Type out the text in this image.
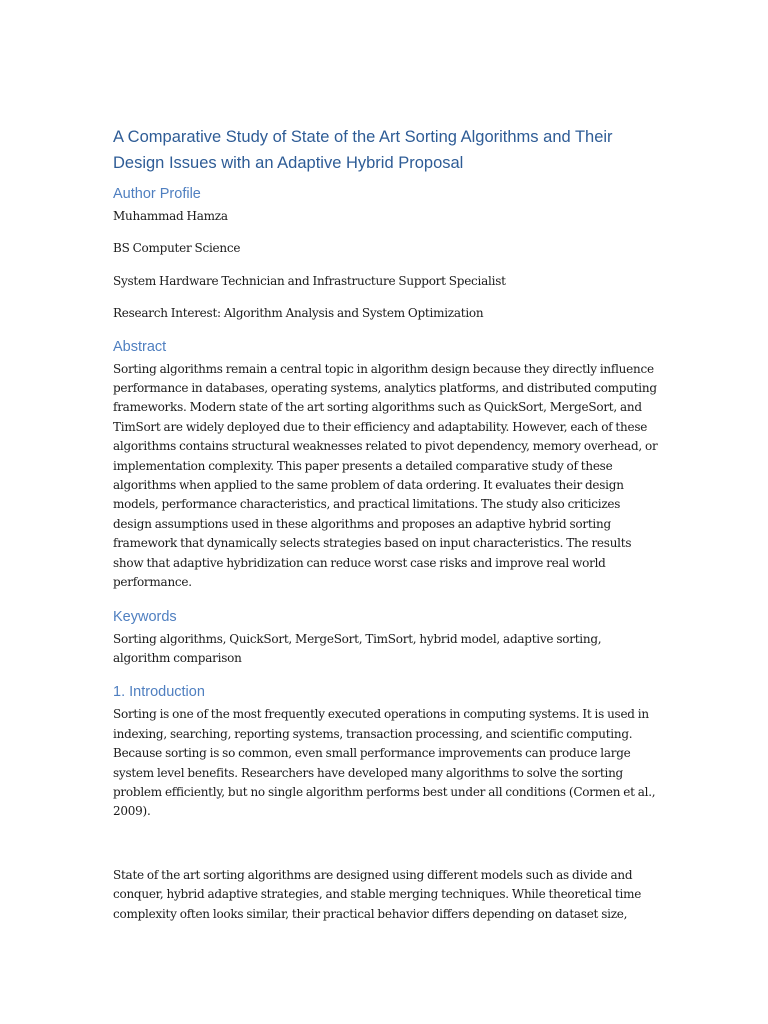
A Comparative Study of State of the Art Sorting Algorithms and Their Design Issues with an Adaptive Hybrid Proposal
Author Profile

Muhammad Hamza

BS Computer Science

System Hardware Technician and Infrastructure Support Specialist

Research Interest: Algorithm Analysis and System Optimization

Abstract

Sorting algorithms remain a central topic in algorithm design because they directly influence performance in databases, operating systems, analytics platforms, and distributed computing frameworks. Modern state of the art sorting algorithms such as QuickSort, MergeSort, and TimSort are widely deployed due to their efficiency and adaptability. However, each of these algorithms contains structural weaknesses related to pivot dependency, memory overhead, or implementation complexity. This paper presents a detailed comparative study of these algorithms when applied to the same problem of data ordering. It evaluates their design models, performance characteristics, and practical limitations. The study also criticizes design assumptions used in these algorithms and proposes an adaptive hybrid sorting framework that dynamically selects strategies based on input characteristics. The results show that adaptive hybridization can reduce worst case risks and improve real world performance.

Keywords

Sorting algorithms, QuickSort, MergeSort, TimSort, hybrid model, adaptive sorting, algorithm comparison

1. Introduction

Sorting is one of the most frequently executed operations in computing systems. It is used in indexing, searching, reporting systems, transaction processing, and scientific computing. Because sorting is so common, even small performance improvements can produce large system level benefits. Researchers have developed many algorithms to solve the sorting problem efficiently, but no single algorithm performs best under all conditions (Cormen et al., 2009).

State of the art sorting algorithms are designed using different models such as divide and conquer, hybrid adaptive strategies, and stable merging techniques. While theoretical time complexity often looks similar, their practical behavior differs depending on dataset size,
